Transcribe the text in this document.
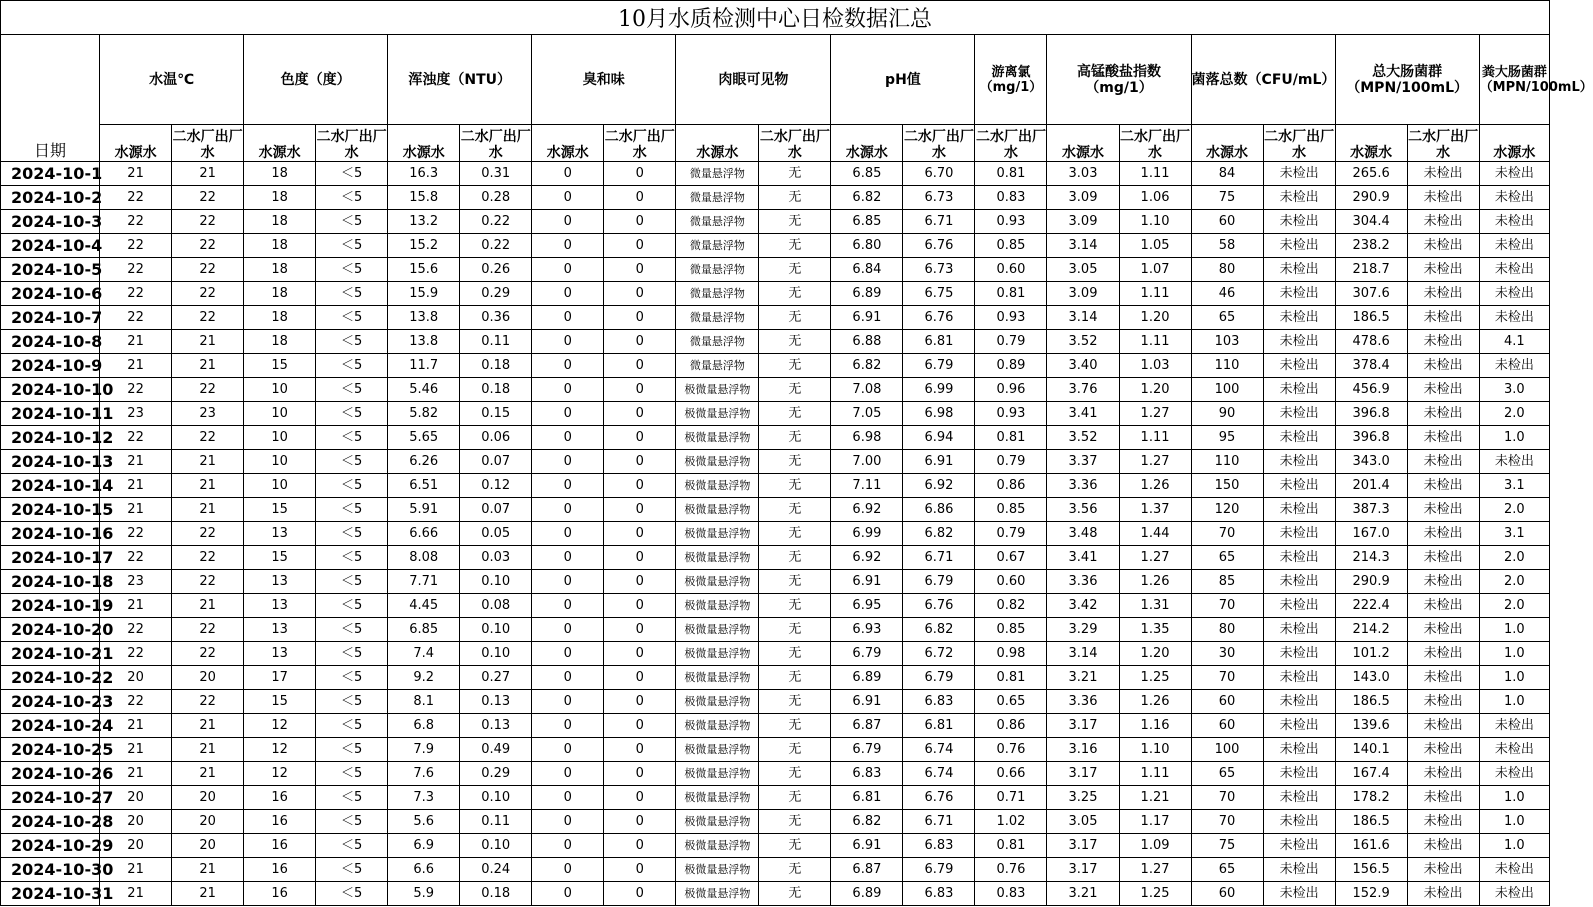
10月水质检测中心日检数据汇总																				
日期	水温℃		色度（度）		浑浊度（NTU）		臭和味		肉眼可见物		pH值		游离氯（mg/1）	高锰酸盐指数（mg/1）		菌落总数（CFU/mL）		总大肠菌群（MPN/100mL）		粪大肠菌群（MPN/100mL）
	水源水	二水厂出厂水	水源水	二水厂出厂水	水源水	二水厂出厂水	水源水	二水厂出厂水	水源水	二水厂出厂水	水源水	二水厂出厂水	二水厂出厂水	水源水	二水厂出厂水	水源水	二水厂出厂水	水源水	二水厂出厂水	水源水
2024-10-1	21	21	18	＜5	16.3	0.31	0	0	微量悬浮物	无	6.85	6.70	0.81	3.03	1.11	84	未检出	265.6	未检出	未检出
2024-10-2	22	22	18	＜5	15.8	0.28	0	0	微量悬浮物	无	6.82	6.73	0.83	3.09	1.06	75	未检出	290.9	未检出	未检出
2024-10-3	22	22	18	＜5	13.2	0.22	0	0	微量悬浮物	无	6.85	6.71	0.93	3.09	1.10	60	未检出	304.4	未检出	未检出
2024-10-4	22	22	18	＜5	15.2	0.22	0	0	微量悬浮物	无	6.80	6.76	0.85	3.14	1.05	58	未检出	238.2	未检出	未检出
2024-10-5	22	22	18	＜5	15.6	0.26	0	0	微量悬浮物	无	6.84	6.73	0.60	3.05	1.07	80	未检出	218.7	未检出	未检出
2024-10-6	22	22	18	＜5	15.9	0.29	0	0	微量悬浮物	无	6.89	6.75	0.81	3.09	1.11	46	未检出	307.6	未检出	未检出
2024-10-7	22	22	18	＜5	13.8	0.36	0	0	微量悬浮物	无	6.91	6.76	0.93	3.14	1.20	65	未检出	186.5	未检出	未检出
2024-10-8	21	21	18	＜5	13.8	0.11	0	0	微量悬浮物	无	6.88	6.81	0.79	3.52	1.11	103	未检出	478.6	未检出	4.1
2024-10-9	21	21	15	＜5	11.7	0.18	0	0	微量悬浮物	无	6.82	6.79	0.89	3.40	1.03	110	未检出	378.4	未检出	未检出
2024-10-10	22	22	10	＜5	5.46	0.18	0	0	极微量悬浮物	无	7.08	6.99	0.96	3.76	1.20	100	未检出	456.9	未检出	3.0
2024-10-11	23	23	10	＜5	5.82	0.15	0	0	极微量悬浮物	无	7.05	6.98	0.93	3.41	1.27	90	未检出	396.8	未检出	2.0
2024-10-12	22	22	10	＜5	5.65	0.06	0	0	极微量悬浮物	无	6.98	6.94	0.81	3.52	1.11	95	未检出	396.8	未检出	1.0
2024-10-13	21	21	10	＜5	6.26	0.07	0	0	极微量悬浮物	无	7.00	6.91	0.79	3.37	1.27	110	未检出	343.0	未检出	未检出
2024-10-14	21	21	10	＜5	6.51	0.12	0	0	极微量悬浮物	无	7.11	6.92	0.86	3.36	1.26	150	未检出	201.4	未检出	3.1
2024-10-15	21	21	15	＜5	5.91	0.07	0	0	极微量悬浮物	无	6.92	6.86	0.85	3.56	1.37	120	未检出	387.3	未检出	2.0
2024-10-16	22	22	13	＜5	6.66	0.05	0	0	极微量悬浮物	无	6.99	6.82	0.79	3.48	1.44	70	未检出	167.0	未检出	3.1
2024-10-17	22	22	15	＜5	8.08	0.03	0	0	极微量悬浮物	无	6.92	6.71	0.67	3.41	1.27	65	未检出	214.3	未检出	2.0
2024-10-18	23	22	13	＜5	7.71	0.10	0	0	极微量悬浮物	无	6.91	6.79	0.60	3.36	1.26	85	未检出	290.9	未检出	2.0
2024-10-19	21	21	13	＜5	4.45	0.08	0	0	极微量悬浮物	无	6.95	6.76	0.82	3.42	1.31	70	未检出	222.4	未检出	2.0
2024-10-20	22	22	13	＜5	6.85	0.10	0	0	极微量悬浮物	无	6.93	6.82	0.85	3.29	1.35	80	未检出	214.2	未检出	1.0
2024-10-21	22	22	13	＜5	7.4	0.10	0	0	极微量悬浮物	无	6.79	6.72	0.98	3.14	1.20	30	未检出	101.2	未检出	1.0
2024-10-22	20	20	17	＜5	9.2	0.27	0	0	极微量悬浮物	无	6.89	6.79	0.81	3.21	1.25	70	未检出	143.0	未检出	1.0
2024-10-23	22	22	15	＜5	8.1	0.13	0	0	极微量悬浮物	无	6.91	6.83	0.65	3.36	1.26	60	未检出	186.5	未检出	1.0
2024-10-24	21	21	12	＜5	6.8	0.13	0	0	极微量悬浮物	无	6.87	6.81	0.86	3.17	1.16	60	未检出	139.6	未检出	未检出
2024-10-25	21	21	12	＜5	7.9	0.49	0	0	极微量悬浮物	无	6.79	6.74	0.76	3.16	1.10	100	未检出	140.1	未检出	未检出
2024-10-26	21	21	12	＜5	7.6	0.29	0	0	极微量悬浮物	无	6.83	6.74	0.66	3.17	1.11	65	未检出	167.4	未检出	未检出
2024-10-27	20	20	16	＜5	7.3	0.10	0	0	极微量悬浮物	无	6.81	6.76	0.71	3.25	1.21	70	未检出	178.2	未检出	1.0
2024-10-28	20	20	16	＜5	5.6	0.11	0	0	极微量悬浮物	无	6.82	6.71	1.02	3.05	1.17	70	未检出	186.5	未检出	1.0
2024-10-29	20	20	16	＜5	6.9	0.10	0	0	极微量悬浮物	无	6.91	6.83	0.81	3.17	1.09	75	未检出	161.6	未检出	1.0
2024-10-30	21	21	16	＜5	6.6	0.24	0	0	极微量悬浮物	无	6.87	6.79	0.76	3.17	1.27	65	未检出	156.5	未检出	未检出
2024-10-31	21	21	16	＜5	5.9	0.18	0	0	极微量悬浮物	无	6.89	6.83	0.83	3.21	1.25	60	未检出	152.9	未检出	未检出
